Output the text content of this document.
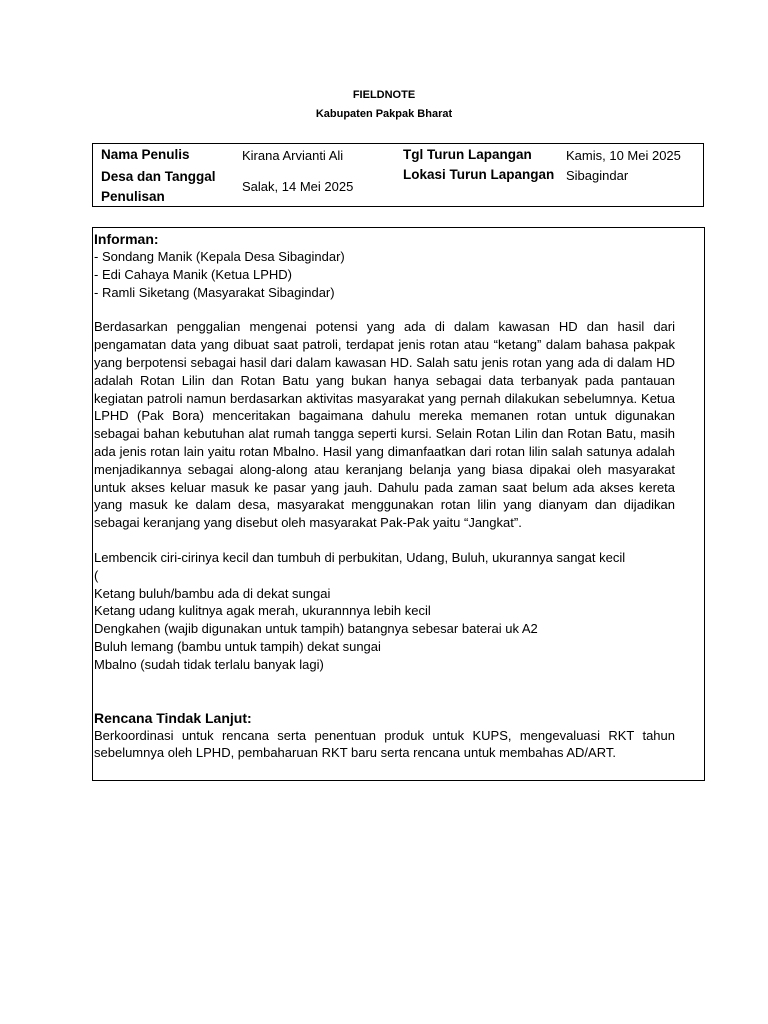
FIELDNOTE
Kabupaten Pakpak Bharat
Nama Penulis	Kirana Arvianti Ali
Desa dan Tanggal Penulisan
Salak, 14 Mei 2025
Tgl Turun Lapangan	Kamis, 10 Mei 2025
Lokasi Turun Lapangan Sibagindar
Informan:
- Sondang Manik (Kepala Desa Sibagindar)
- Edi Cahaya Manik (Ketua LPHD)
- Ramli Siketang (Masyarakat Sibagindar)

Berdasarkan penggalian mengenai potensi yang ada di dalam kawasan HD dan hasil dari pengamatan data yang dibuat saat patroli, terdapat jenis rotan atau “ketang” dalam bahasa pakpak yang berpotensi sebagai hasil dari dalam kawasan HD. Salah satu jenis rotan yang ada di dalam HD adalah Rotan Lilin dan Rotan Batu yang bukan hanya sebagai data terbanyak pada pantauan kegiatan patroli namun berdasarkan aktivitas masyarakat yang pernah dilakukan sebelumnya. Ketua LPHD (Pak Bora) menceritakan bagaimana dahulu mereka memanen rotan untuk digunakan sebagai bahan kebutuhan alat rumah tangga seperti kursi. Selain Rotan Lilin dan Rotan Batu, masih ada jenis rotan lain yaitu rotan Mbalno. Hasil yang dimanfaatkan dari rotan lilin salah satunya adalah menjadikannya sebagai along-along atau keranjang belanja yang biasa dipakai oleh masyarakat untuk akses keluar masuk ke pasar yang jauh. Dahulu pada zaman saat belum ada akses kereta yang masuk ke dalam desa, masyarakat menggunakan rotan lilin yang dianyam dan dijadikan sebagai keranjang yang disebut oleh masyarakat Pak-Pak yaitu “Jangkat”.

Lembencik ciri-cirinya kecil dan tumbuh di perbukitan, Udang, Buluh, ukurannya sangat kecil
(
Ketang buluh/bambu ada di dekat sungai
Ketang udang kulitnya agak merah, ukurannnya lebih kecil
Dengkahen (wajib digunakan untuk tampih) batangnya sebesar baterai uk A2
Buluh lemang (bambu untuk tampih) dekat sungai
Mbalno (sudah tidak terlalu banyak lagi)
Rencana Tindak Lanjut:

Berkoordinasi untuk rencana serta penentuan produk untuk KUPS, mengevaluasi RKT tahun sebelumnya oleh LPHD, pembaharuan RKT baru serta rencana untuk membahas AD/ART.
